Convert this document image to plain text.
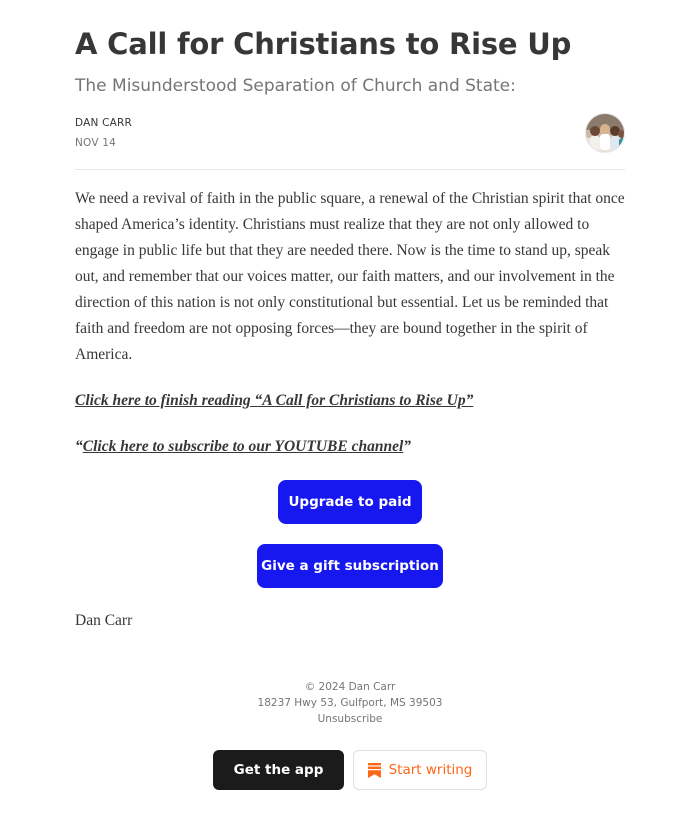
A Call for Christians to Rise Up
The Misunderstood Separation of Church and State:
DAN CARR
NOV 14

We need a revival of faith in the public square, a renewal of the Christian spirit that once shaped America’s identity. Christians must realize that they are not only allowed to engage in public life but that they are needed there. Now is the time to stand up, speak out, and remember that our voices matter, our faith matters, and our involvement in the direction of this nation is not only constitutional but essential. Let us be reminded that faith and freedom are not opposing forces—they are bound together in the spirit of America.

Click here to finish reading “A Call for Christians to Rise Up”

“Click here to subscribe to our YOUTUBE channel”

Upgrade to paid
Give a gift subscription

Dan Carr

© 2024 Dan Carr
18237 Hwy 53, Gulfport, MS 39503
Unsubscribe
Get the app	Start writing
